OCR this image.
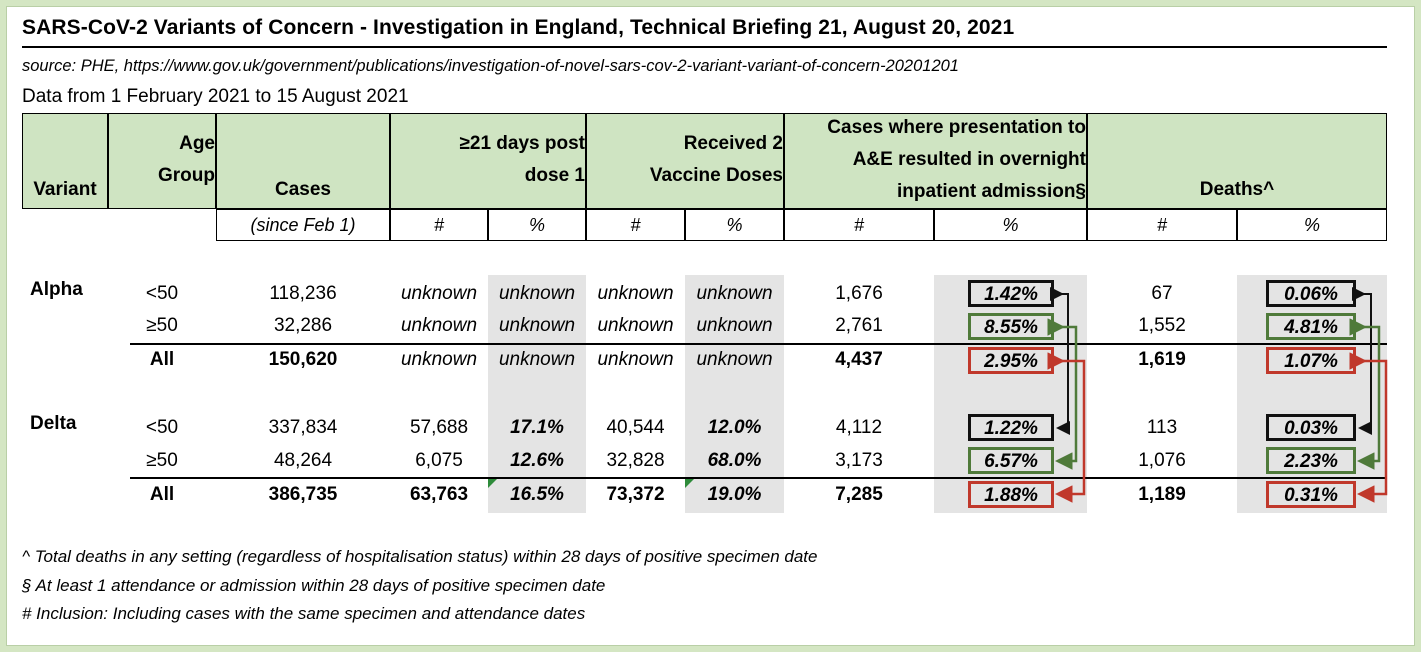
SARS-CoV-2 Variants of Concern - Investigation in England, Technical Briefing 21, August 20, 2021
source: PHE, https://www.gov.uk/government/publications/investigation-of-novel-sars-cov-2-variant-variant-of-concern-20201201
Data from 1 February 2021 to 15 August 2021
Variant
Age
Group
Cases
≥21 days post
dose 1
Received 2
Vaccine Doses
Cases where presentation to
A&E resulted in overnight
inpatient admission§	Deaths^
(since Feb 1)	#	%	#	%	#	%	#	%
Alpha	<50	118,236	unknown	unknown	unknown	unknown	1,676	1.42%	67	0.06%
≥50	32,286	unknown	unknown	unknown	unknown	2,761	8.55%	1,552	4.81%
All	150,620	unknown	unknown	unknown	unknown	4,437	2.95%	1,619	1.07%
Delta	<50	337,834	57,688	17.1%	40,544	12.0%	4,112	1.22%	113	0.03%
≥50	48,264	6,075	12.6%	32,828	68.0%	3,173	6.57%	1,076	2.23%
All	386,735	63,763	16.5%	73,372	19.0%	7,285	1.88%	1,189	0.31%
^ Total deaths in any setting (regardless of hospitalisation status) within 28 days of positive specimen date
§ At least 1 attendance or admission within 28 days of positive specimen date
# Inclusion: Including cases with the same specimen and attendance dates
